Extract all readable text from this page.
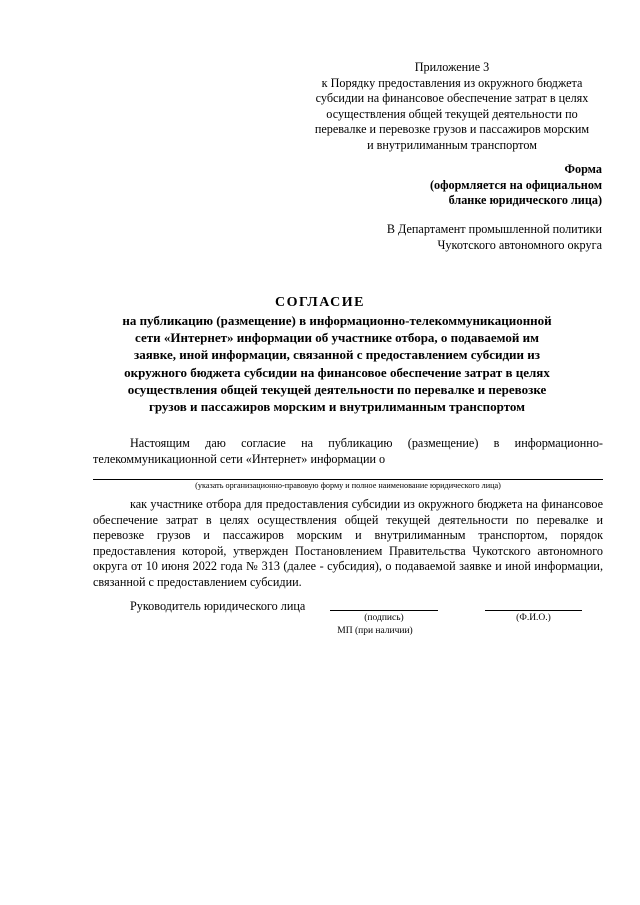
Приложение 3
к Порядку предоставления из окружного бюджета
субсидии на финансовое обеспечение затрат в целях
осуществления общей текущей деятельности по
перевалке и перевозке грузов и пассажиров морским
и внутрилиманным транспортом
Форма
(оформляется на официальном
бланке юридического лица)
В Департамент промышленной политики
Чукотского автономного округа
СОГЛАСИЕ
на публикацию (размещение) в информационно-телекоммуникационной
сети «Интернет» информации об участнике отбора, о подаваемой им
заявке, иной информации, связанной с предоставлением субсидии из
окружного бюджета субсидии на финансовое обеспечение затрат в целях
осуществления общей текущей деятельности по перевалке и перевозке
грузов и пассажиров морским и внутрилиманным транспортом
Настоящим даю согласие на публикацию (размещение) в информационно-телекоммуникационной сети «Интернет» информации о
(указать организационно-правовую форму и полное наименование юридического лица)
как участнике отбора для предоставления субсидии из окружного бюджета на финансовое обеспечение затрат в целях осуществления общей текущей деятельности по перевалке и перевозке грузов и пассажиров морским и внутрилиманным транспортом, порядок предоставления которой, утвержден Постановлением Правительства Чукотского автономного округа от 10 июня 2022 года № 313 (далее - субсидия), о подаваемой заявке и иной информации, связанной с предоставлением субсидии.
Руководитель юридического лица
(подпись)	(Ф.И.О.)
МП (при наличии)
